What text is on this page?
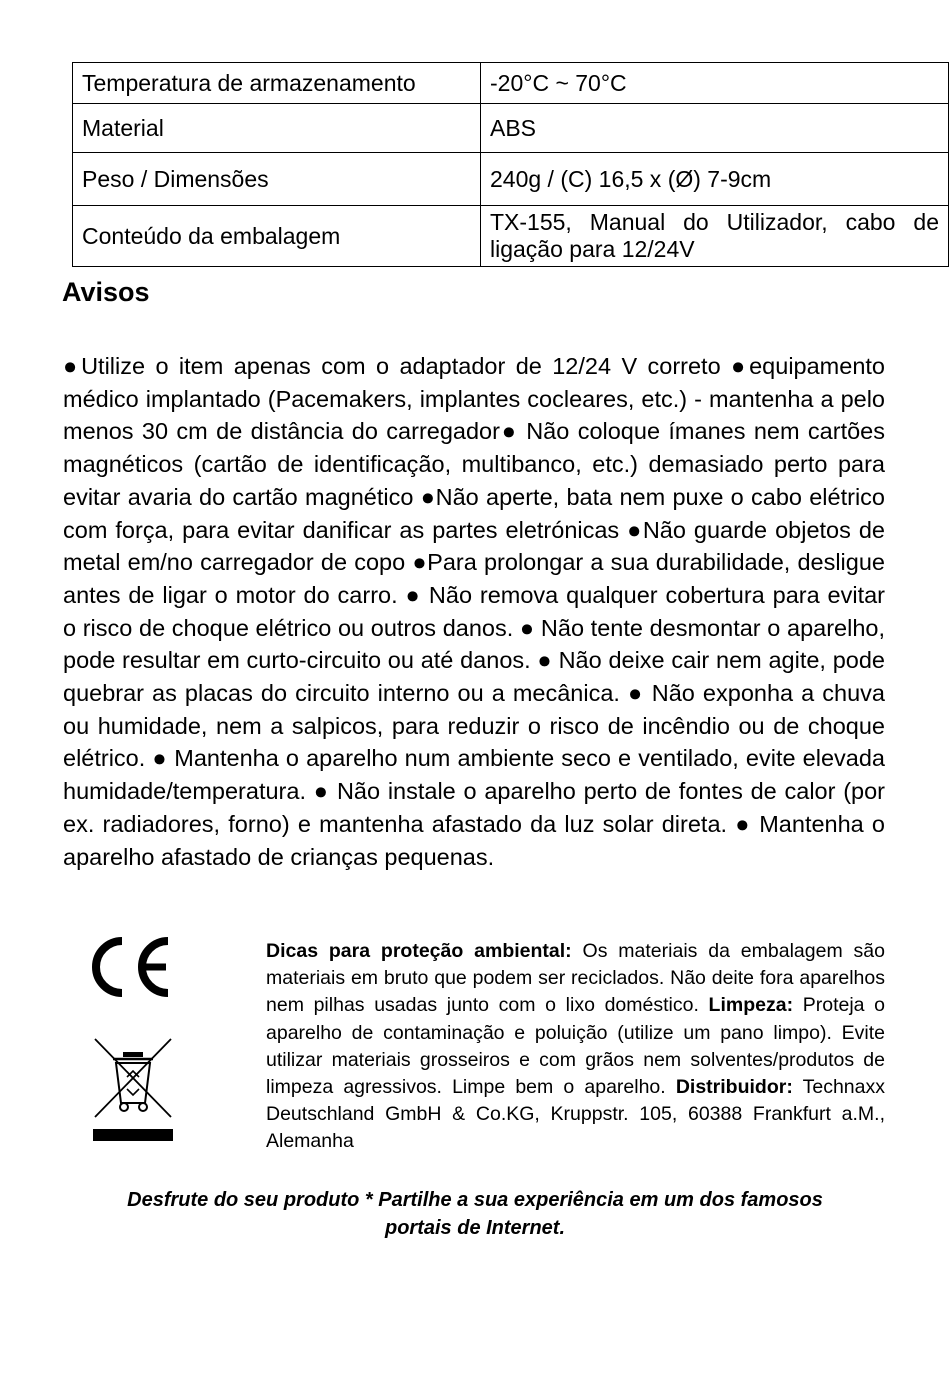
Temperatura de armazenamento	-20°C ~ 70°C
Material	ABS
Peso / Dimensões	240g / (C) 16,5 x (Ø) 7-9cm
Conteúdo da embalagem	TX-155, Manual do Utilizador, cabo de ligação para 12/24V
Avisos

●Utilize o item apenas com o adaptador de 12/24 V correto ●equipamento médico implantado (Pacemakers, implantes cocleares, etc.) - mantenha a pelo menos 30 cm de distância do carregador● Não coloque ímanes nem cartões magnéticos (cartão de identificação, multibanco, etc.) demasiado perto para evitar avaria do cartão magnético ●Não aperte, bata nem puxe o cabo elétrico com força, para evitar danificar as partes eletrónicas ●Não guarde objetos de metal em/no carregador de copo ●Para prolongar a sua durabilidade, desligue antes de ligar o motor do carro. ● Não remova qualquer cobertura para evitar o risco de choque elétrico ou outros danos. ● Não tente desmontar o aparelho, pode resultar em curto-circuito ou até danos. ● Não deixe cair nem agite, pode quebrar as placas do circuito interno ou a mecânica. ● Não exponha a chuva ou humidade, nem a salpicos, para reduzir o risco de incêndio ou de choque elétrico. ● Mantenha o aparelho num ambiente seco e ventilado, evite elevada humidade/temperatura. ● Não instale o aparelho perto de fontes de calor (por ex. radiadores, forno) e mantenha afastado da luz solar direta. ● Mantenha o aparelho afastado de crianças pequenas.

Dicas para proteção ambiental: Os materiais da embalagem são materiais em bruto que podem ser reciclados. Não deite fora aparelhos nem pilhas usadas junto com o lixo doméstico. Limpeza: Proteja o aparelho de contaminação e poluição (utilize um pano limpo). Evite utilizar materiais grosseiros e com grãos nem solventes/produtos de limpeza agressivos. Limpe bem o aparelho. Distribuidor: Technaxx Deutschland GmbH & Co.KG, Kruppstr. 105, 60388 Frankfurt a.M., Alemanha

Desfrute do seu produto * Partilhe a sua experiência em um dos famosos
portais de Internet.
